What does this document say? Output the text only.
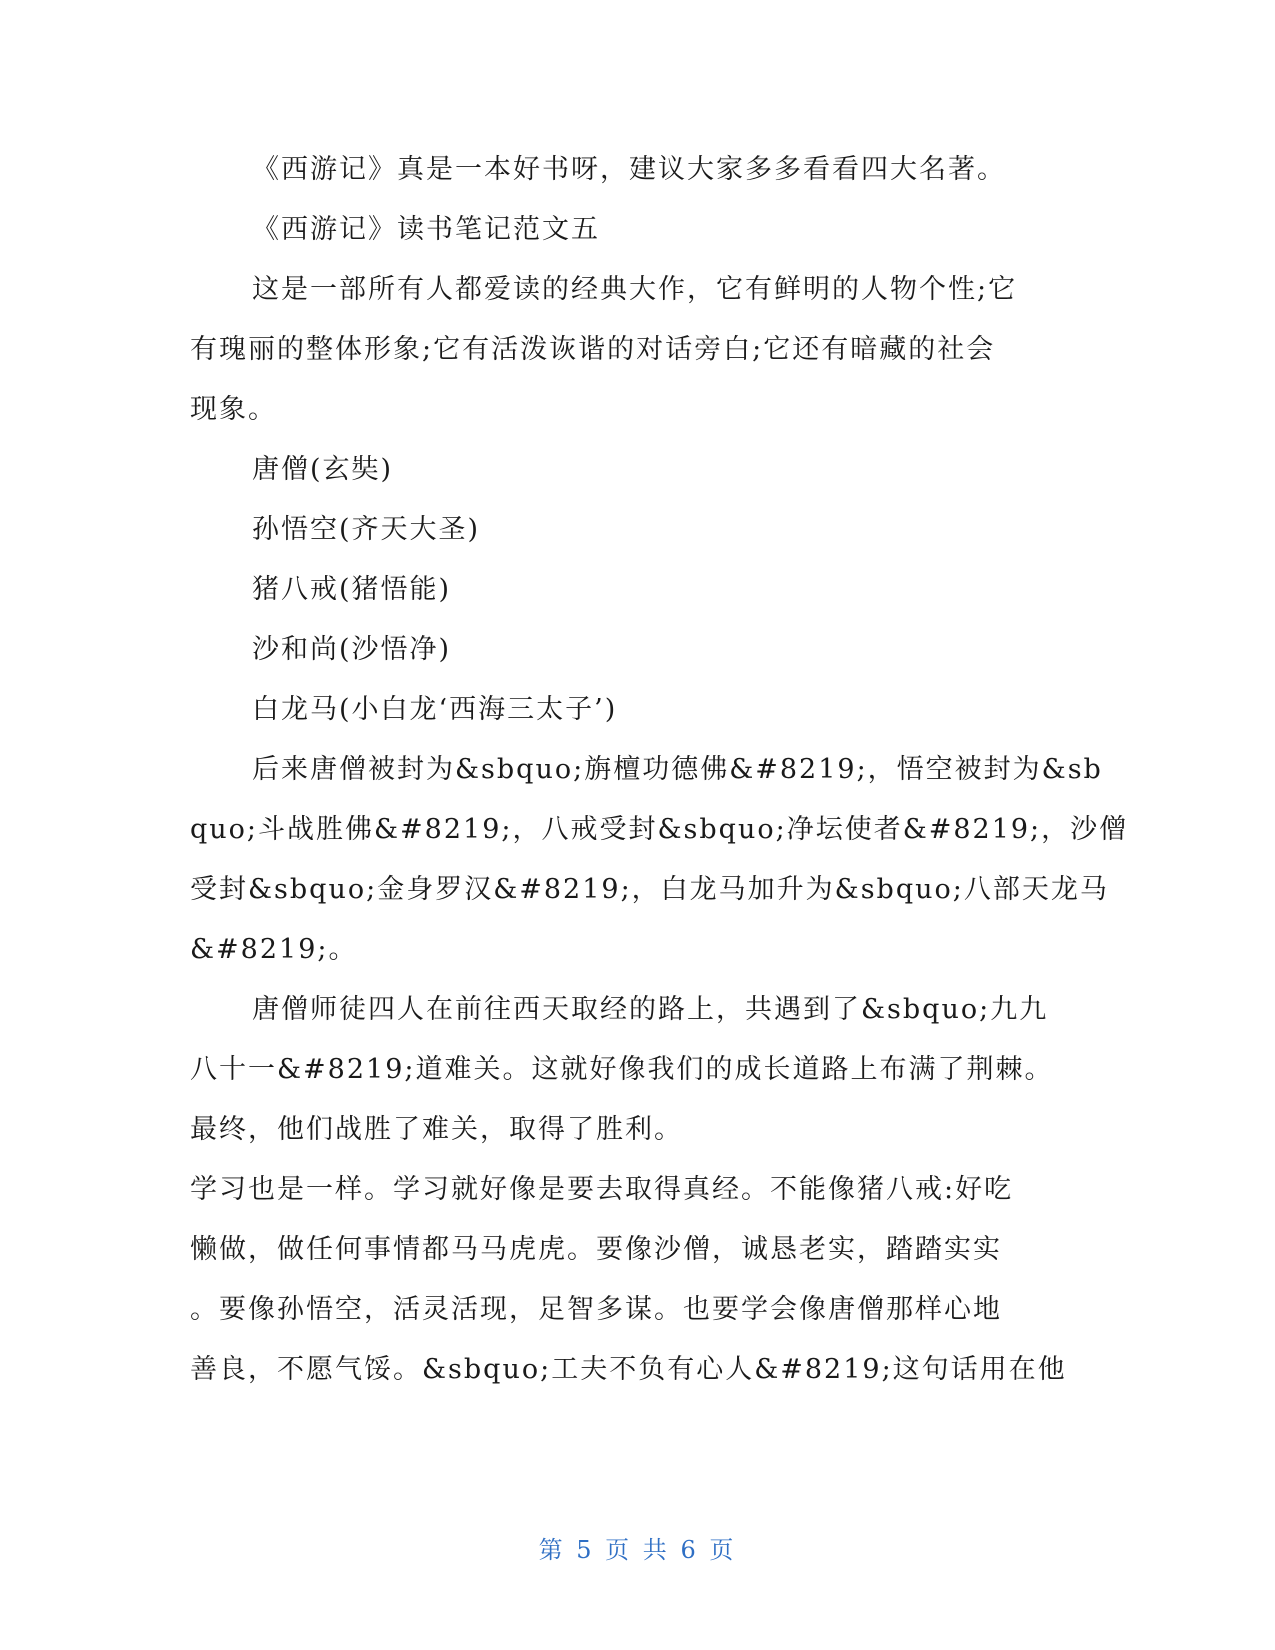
《西游记》真是一本好书呀，建议大家多多看看四大名著。
《西游记》读书笔记范文五
这是一部所有人都爱读的经典大作，它有鲜明的人物个性;它
有瑰丽的整体形象;它有活泼诙谐的对话旁白;它还有暗藏的社会
现象。
唐僧(玄奘)
孙悟空(齐天大圣)
猪八戒(猪悟能)
沙和尚(沙悟净)
白龙马(小白龙‘西海三太子’)
后来唐僧被封为&sbquo;旃檀功德佛&#8219;，悟空被封为&sb
quo;斗战胜佛&#8219;，八戒受封&sbquo;净坛使者&#8219;，沙僧
受封&sbquo;金身罗汉&#8219;，白龙马加升为&sbquo;八部天龙马
&#8219;。
唐僧师徒四人在前往西天取经的路上，共遇到了&sbquo;九九
八十一&#8219;道难关。这就好像我们的成长道路上布满了荆棘。
最终，他们战胜了难关，取得了胜利。
学习也是一样。学习就好像是要去取得真经。不能像猪八戒:好吃
懒做，做任何事情都马马虎虎。要像沙僧，诚恳老实，踏踏实实
。要像孙悟空，活灵活现，足智多谋。也要学会像唐僧那样心地
善良，不愿气馁。&sbquo;工夫不负有心人&#8219;这句话用在他
第 5 页 共 6 页
